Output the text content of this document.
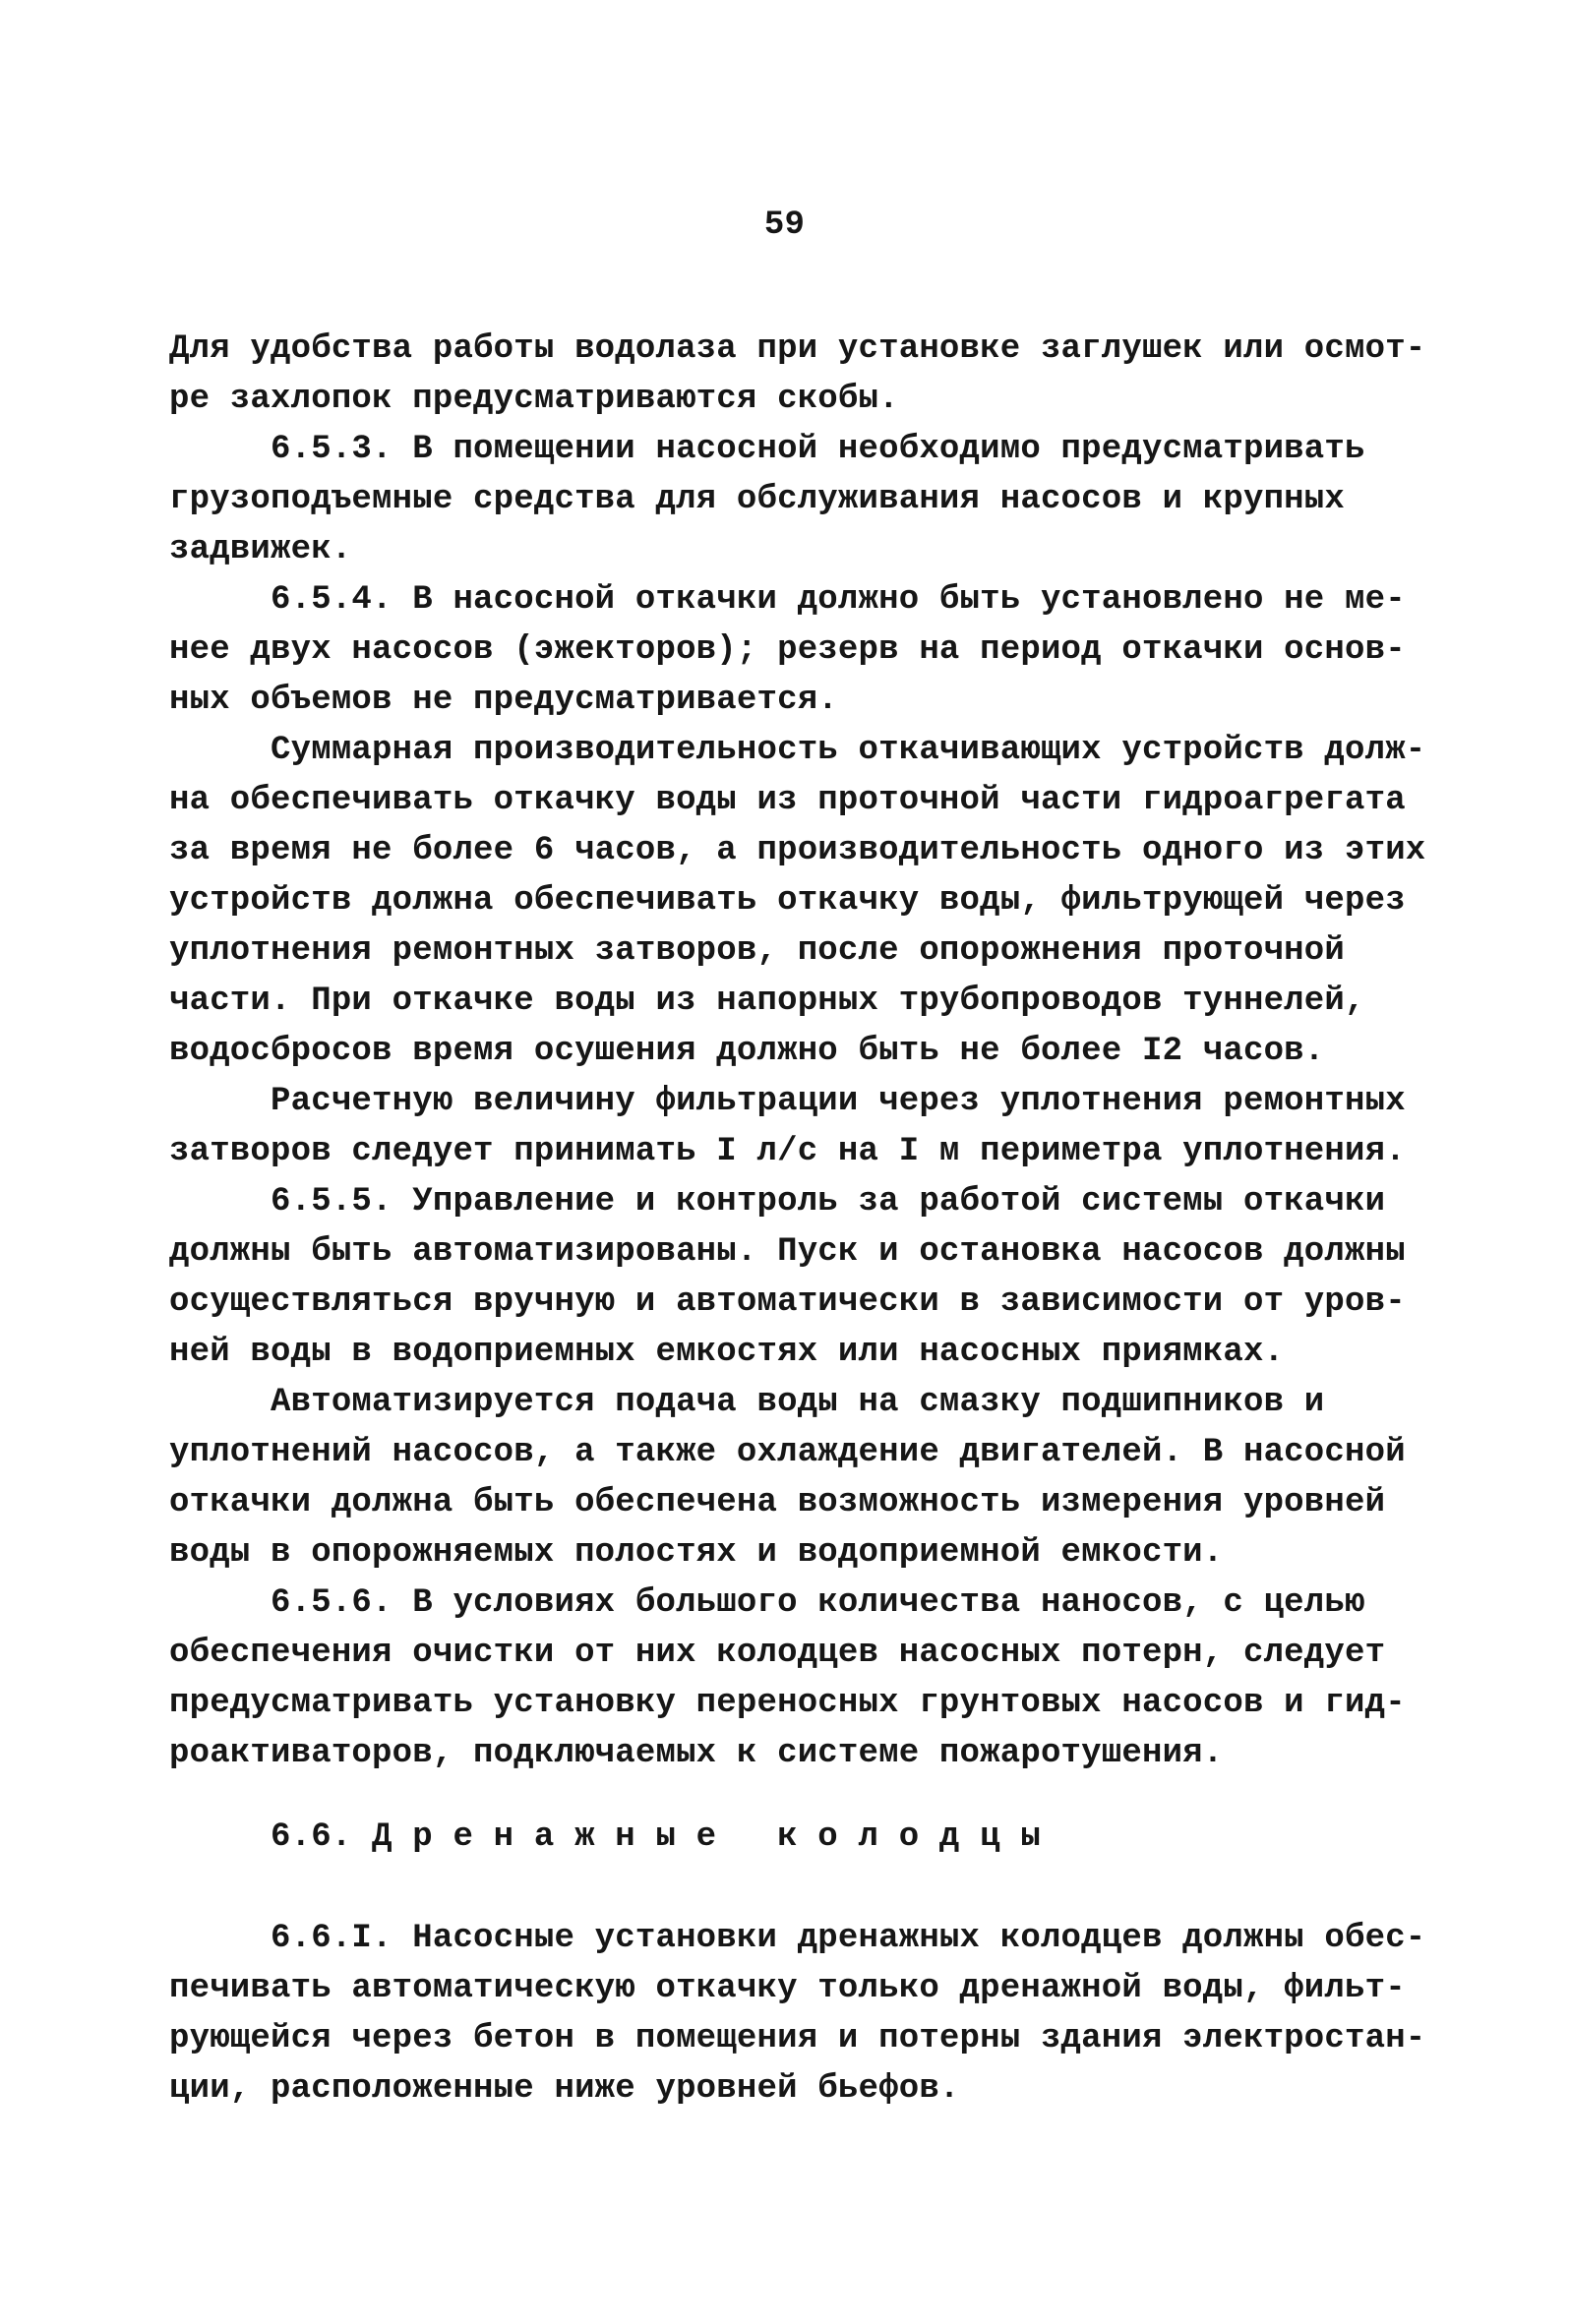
59
Для удобства работы водолаза при установке заглушек или осмот-
ре захлопок предусматриваются скобы.
6.5.3. В помещении насосной необходимо предусматривать
грузоподъемные средства для обслуживания насосов и крупных
задвижек.
6.5.4. В насосной откачки должно быть установлено не ме-
нее двух насосов (эжекторов); резерв на период откачки основ-
ных объемов не предусматривается.
Суммарная производительность откачивающих устройств долж-
на обеспечивать откачку воды из проточной части гидроагрегата
за время не более 6 часов, а производительность одного из этих
устройств должна обеспечивать откачку воды, фильтрующей через
уплотнения ремонтных затворов, после опорожнения проточной
части. При откачке воды из напорных трубопроводов туннелей,
водосбросов время осушения должно быть не более I2 часов.
Расчетную величину фильтрации через уплотнения ремонтных
затворов следует принимать I л/с на I м периметра уплотнения.
6.5.5. Управление и контроль за работой системы откачки
должны быть автоматизированы. Пуск и остановка насосов должны
осуществляться вручную и автоматически в зависимости от уров-
ней воды в водоприемных емкостях или насосных приямках.
Автоматизируется подача воды на смазку подшипников и
уплотнений насосов, а также охлаждение двигателей. В насосной
откачки должна быть обеспечена возможность измерения уровней
воды в опорожняемых полостях и водоприемной емкости.
6.5.6. В условиях большого количества наносов, с целью
обеспечения очистки от них колодцев насосных потерн, следует
предусматривать установку переносных грунтовых насосов и гид-
роактиваторов, подключаемых к системе пожаротушения.
6.6. Д р е н а ж н ы е   к о л о д ц ы
6.6.I. Насосные установки дренажных колодцев должны обес-
печивать автоматическую откачку только дренажной воды, фильт-
рующейся через бетон в помещения и потерны здания электростан-
ции, расположенные ниже уровней бьефов.
